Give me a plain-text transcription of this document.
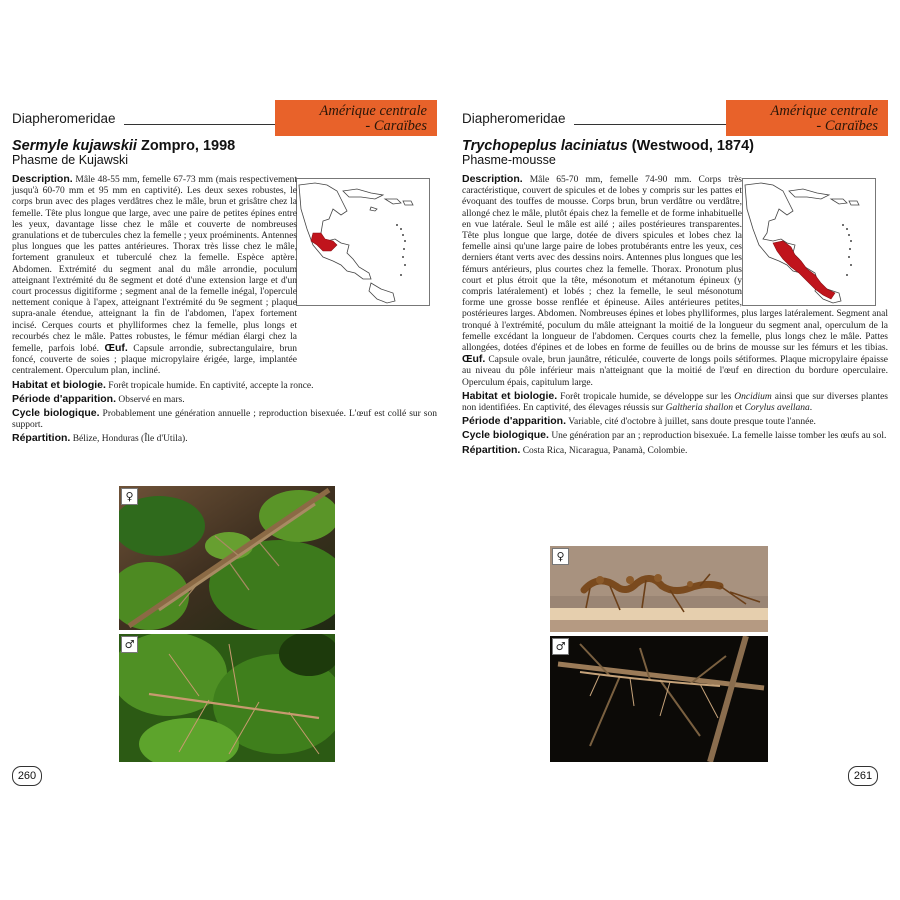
Diapheromeridae	Amérique centrale
- Caraïbes
Sermyle kujawskii Zompro, 1998
Phasme de Kujawski
Description. Mâle 48-55 mm, femelle 67-73 mm (mais respectivement jusqu'à 60-70 mm et 95 mm en captivité). Les deux sexes robustes, le corps brun avec des plages verdâtres chez le mâle, brun et grisâtre chez la femelle. Tête plus longue que large, avec une paire de petites épines entre les yeux, davantage lisse chez le mâle et couverte de nombreuses granulations et de tubercules chez la femelle ; yeux proéminents. Antennes plus longues que les pattes antérieures. Thorax très lisse chez le mâle, fortement granuleux et tuberculé chez la femelle. Espèce aptère. Abdomen. Extrémité du segment anal du mâle arrondie, poculum atteignant l'extrémité du 8e segment et doté d'une extension large et d'un court processus digitiforme ; segment anal de la femelle inégal, l'opercule nettement conique à l'apex, atteignant l'extrémité du 9e segment ; plaque supra-anale étendue, atteignant la fin de l'abdomen, l'apex fortement incisé. Cerques courts et phylliformes chez la femelle, plus longs et recourbés chez le mâle. Pattes robustes, le fémur médian élargi chez la femelle, parfois lobé. Œuf. Capsule arrondie, subrectangulaire, brun foncé, couverte de soies ; plaque micropylaire érigée, large, implantée centralement. Operculum plan, incliné.
Habitat et biologie. Forêt tropicale humide. En captivité, accepte la ronce.
Période d'apparition. Observé en mars.
Cycle biologique. Probablement une génération annuelle ; reproduction bisexuée. L'œuf est collé sur son support.
Répartition. Bélize, Honduras (Île d'Utila).
♀
♂
260
Diapheromeridae	Amérique centrale
- Caraïbes
Trychopeplus laciniatus (Westwood, 1874)
Phasme-mousse
Description. Mâle 65-70 mm, femelle 74-90 mm. Corps très caractéristique, couvert de spicules et de lobes y compris sur les pattes et évoquant des touffes de mousse. Corps brun, brun verdâtre ou verdâtre, allongé chez le mâle, plutôt épais chez la femelle et de forme inhabituelle en vue latérale. Seul le mâle est ailé ; ailes postérieures transparentes. Tête plus longue que large, dotée de divers spicules et lobes chez la femelle ainsi qu'une large paire de lobes protubérants entre les yeux, ces derniers étant verts avec des dessins noirs. Antennes plus longues que les fémurs antérieurs, plus courtes chez la femelle. Thorax. Pronotum plus court et plus étroit que la tête, mésonotum et métanotum épineux (y compris latéralement) et lobés ; chez la femelle, le seul mésonotum forme une grosse bosse renflée et épineuse. Ailes antérieures petites, postérieures larges. Abdomen. Nombreuses épines et lobes phylliformes, plus larges latéralement. Segment anal tronqué à l'extrémité, poculum du mâle atteignant la moitié de la longueur du segment anal, operculum de la femelle excédant la longueur de l'abdomen. Cerques courts chez la femelle, plus longs chez le mâle. Pattes allongées, dotées d'épines et de lobes en forme de feuilles ou de brins de mousse sur les fémurs et les tibias. Œuf. Capsule ovale, brun jaunâtre, réticulée, couverte de longs poils sétiformes. Plaque micropylaire épaisse au niveau du pôle inférieur mais n'atteignant que la moitié de l'œuf en direction du bordure operculaire. Operculum épais, capitulum large.
Habitat et biologie. Forêt tropicale humide, se développe sur les Oncidium ainsi que sur diverses plantes non identifiées. En captivité, des élevages réussis sur Galtheria shallon et Corylus avellana.
Période d'apparition. Variable, cité d'octobre à juillet, sans doute presque toute l'année.
Cycle biologique. Une génération par an ; reproduction bisexuée. La femelle laisse tomber les œufs au sol.
Répartition. Costa Rica, Nicaragua, Panamà, Colombie.
♀
♂
261
